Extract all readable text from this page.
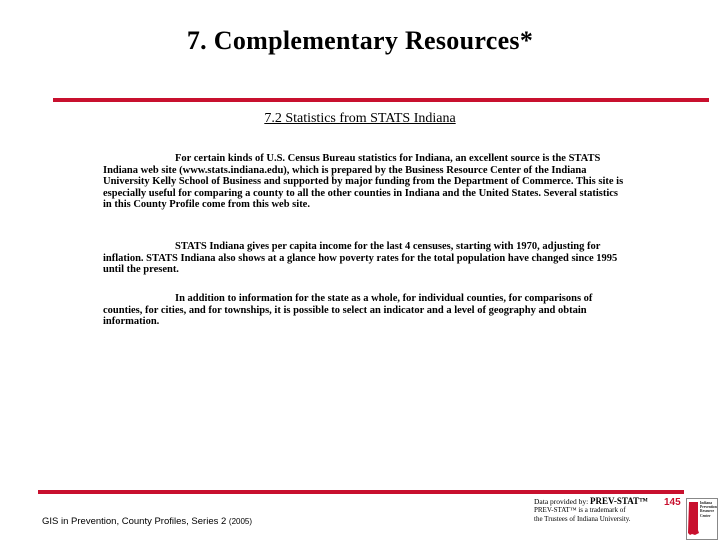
7. Complementary Resources*
7.2 Statistics from STATS Indiana

For certain kinds of U.S. Census Bureau statistics for Indiana, an excellent source is the STATS Indiana web site (www.stats.indiana.edu), which is prepared by the Business Resource Center of the Indiana University Kelly School of Business and supported by major funding from the Department of Commerce. This site is especially useful for comparing a county to all the other counties in Indiana and the United States. Several statistics in this County Profile come from this web site.

STATS Indiana gives per capita income for the last 4 censuses, starting with 1970, adjusting for inflation. STATS Indiana also shows at a glance how poverty rates for the total population have changed since 1995 until the present.

In addition to information for the state as a whole, for individual counties, for comparisons of counties, for cities, and for townships, it is possible to select an indicator and a level of geography and obtain information.

GIS in Prevention, County Profiles, Series 2 (2005)
Data provided by: PREV-STAT™
PREV-STAT™ is a trademark of
the Trustees of Indiana University.
145	Indiana Prevention Resource Center
